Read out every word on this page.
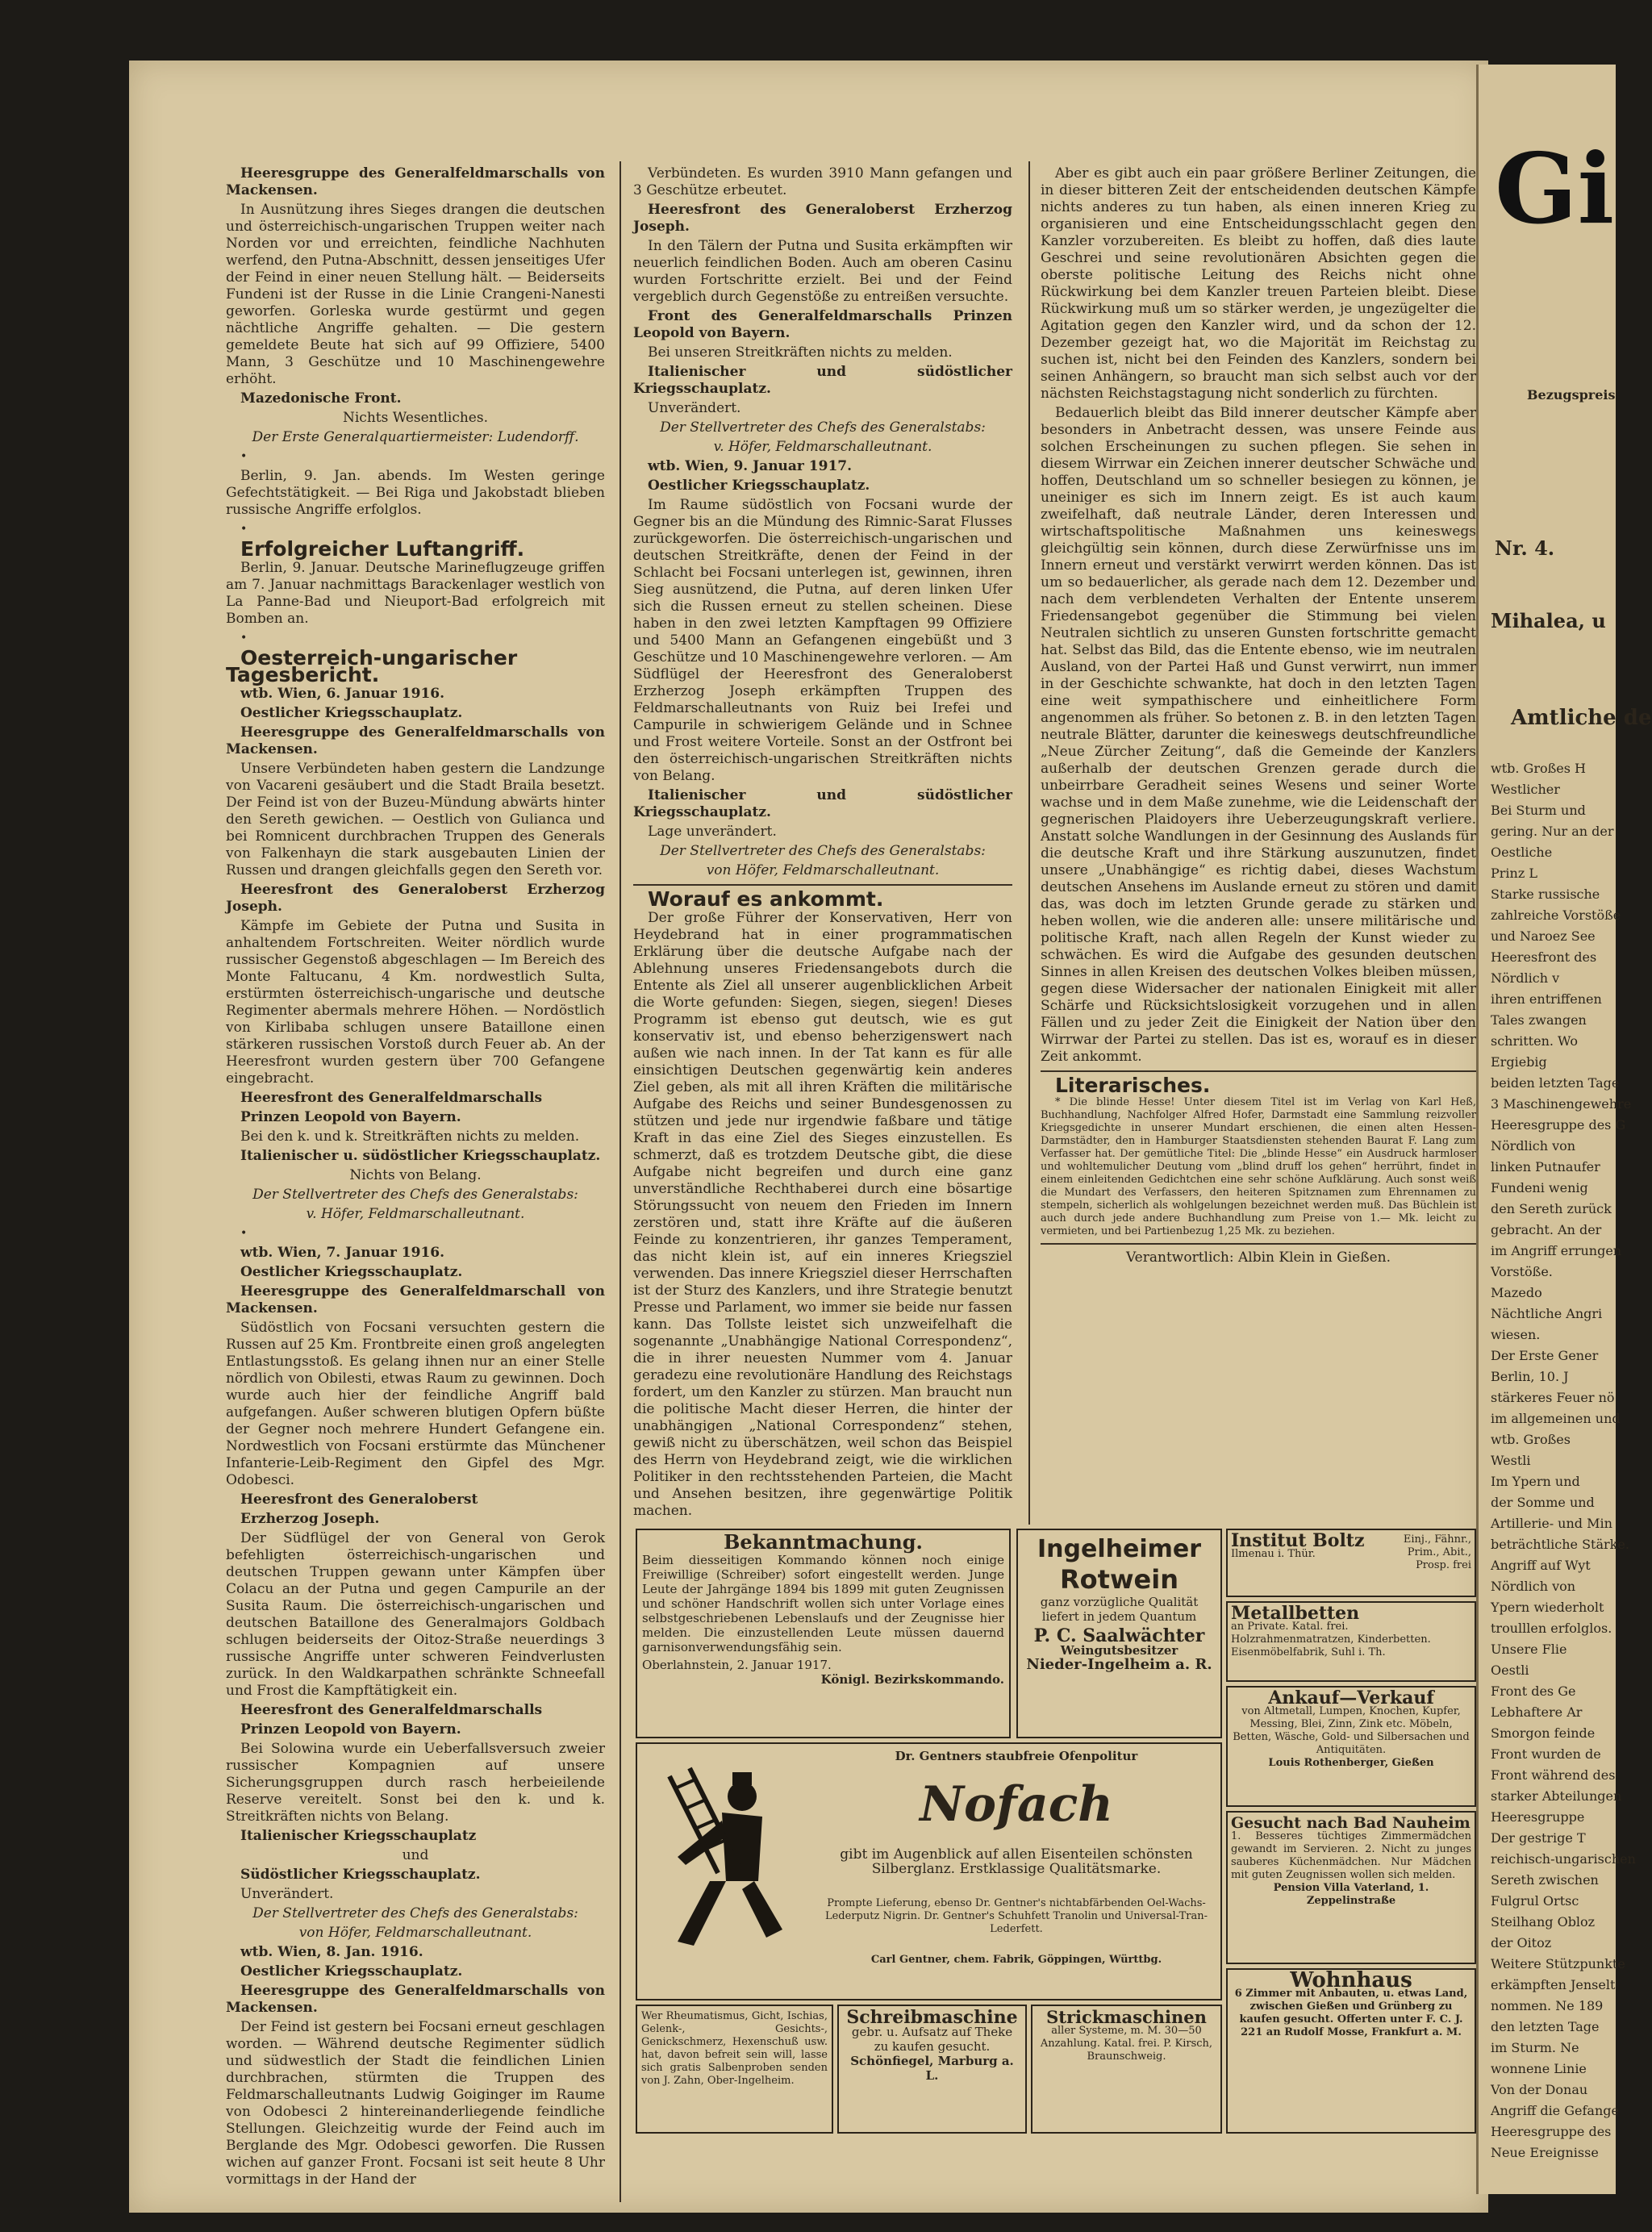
Heeresgruppe des Generalfeldmarschalls von Mackensen.

In Ausnützung ihres Sieges drangen die deutschen und österreichisch-ungarischen Truppen weiter nach Norden vor und erreichten, feindliche Nachhuten werfend, den Putna-Abschnitt, dessen jenseitiges Ufer der Feind in einer neuen Stellung hält. — Beiderseits Fundeni ist der Russe in die Linie Crangeni-Nanesti geworfen. Gorleska wurde gestürmt und gegen nächtliche Angriffe gehalten. — Die gestern gemeldete Beute hat sich auf 99 Offiziere, 5400 Mann, 3 Geschütze und 10 Maschinengewehre erhöht.

Mazedonische Front.

Nichts Wesentliches.

Der Erste Generalquartiermeister: Ludendorff.

•

Berlin, 9. Jan. abends. Im Westen geringe Gefechtstätigkeit. — Bei Riga und Jakobstadt blieben russische Angriffe erfolglos.

•

Erfolgreicher Luftangriff.

Berlin, 9. Januar. Deutsche Marineflugzeuge griffen am 7. Januar nachmittags Barackenlager westlich von La Panne-Bad und Nieuport-Bad erfolgreich mit Bomben an.

•

Oesterreich-ungarischer Tagesbericht.

wtb. Wien, 6. Januar 1916.

Oestlicher Kriegsschauplatz.

Heeresgruppe des Generalfeldmarschalls von Mackensen.

Unsere Verbündeten haben gestern die Landzunge von Vacareni gesäubert und die Stadt Braila besetzt. Der Feind ist von der Buzeu-Mündung abwärts hinter den Sereth gewichen. — Oestlich von Gulianca und bei Romnicent durchbrachen Truppen des Generals von Falkenhayn die stark ausgebauten Linien der Russen und drangen gleichfalls gegen den Sereth vor.

Heeresfront des Generaloberst Erzherzog Joseph.

Kämpfe im Gebiete der Putna und Susita in anhaltendem Fortschreiten. Weiter nördlich wurde russischer Gegenstoß abgeschlagen — Im Bereich des Monte Faltucanu, 4 Km. nordwestlich Sulta, erstürmten österreichisch-ungarische und deutsche Regimenter abermals mehrere Höhen. — Nordöstlich von Kirlibaba schlugen unsere Bataillone einen stärkeren russischen Vorstoß durch Feuer ab. An der Heeresfront wurden gestern über 700 Gefangene eingebracht.

Heeresfront des Generalfeldmarschalls

Prinzen Leopold von Bayern.

Bei den k. und k. Streitkräften nichts zu melden.

Italienischer u. südöstlicher Kriegsschauplatz.

Nichts von Belang.

Der Stellvertreter des Chefs des Generalstabs:

v. Höfer, Feldmarschalleutnant.

•

wtb. Wien, 7. Januar 1916.

Oestlicher Kriegsschauplatz.

Heeresgruppe des Generalfeldmarschall von Mackensen.

Südöstlich von Focsani versuchten gestern die Russen auf 25 Km. Frontbreite einen groß angelegten Entlastungsstoß. Es gelang ihnen nur an einer Stelle nördlich von Obilesti, etwas Raum zu gewinnen. Doch wurde auch hier der feindliche Angriff bald aufgefangen. Außer schweren blutigen Opfern büßte der Gegner noch mehrere Hundert Gefangene ein. Nordwestlich von Focsani erstürmte das Münchener Infanterie-Leib-Regiment den Gipfel des Mgr. Odobesci.

Heeresfront des Generaloberst

Erzherzog Joseph.

Der Südflügel der von General von Gerok befehligten österreichisch-ungarischen und deutschen Truppen gewann unter Kämpfen über Colacu an der Putna und gegen Campurile an der Susita Raum. Die österreichisch-ungarischen und deutschen Bataillone des Generalmajors Goldbach schlugen beiderseits der Oitoz-Straße neuerdings 3 russische Angriffe unter schweren Feindverlusten zurück. In den Waldkarpathen schränkte Schneefall und Frost die Kampftätigkeit ein.

Heeresfront des Generalfeldmarschalls

Prinzen Leopold von Bayern.

Bei Solowina wurde ein Ueberfallsversuch zweier russischer Kompagnien auf unsere Sicherungsgruppen durch rasch herbeieilende Reserve vereitelt. Sonst bei den k. und k. Streitkräften nichts von Belang.

Italienischer Kriegsschauplatz

und

Südöstlicher Kriegsschauplatz.

Unverändert.

Der Stellvertreter des Chefs des Generalstabs:

von Höfer, Feldmarschalleutnant.

wtb. Wien, 8. Jan. 1916.

Oestlicher Kriegsschauplatz.

Heeresgruppe des Generalfeldmarschalls von Mackensen.

Der Feind ist gestern bei Focsani erneut geschlagen worden. — Während deutsche Regimenter südlich und südwestlich der Stadt die feindlichen Linien durchbrachen, stürmten die Truppen des Feldmarschalleutnants Ludwig Goiginger im Raume von Odobesci 2 hintereinanderliegende feindliche Stellungen. Gleichzeitig wurde der Feind auch im Berglande des Mgr. Odobesci geworfen. Die Russen wichen auf ganzer Front. Focsani ist seit heute 8 Uhr vormittags in der Hand der

Verbündeten. Es wurden 3910 Mann gefangen und 3 Geschütze erbeutet.

Heeresfront des Generaloberst Erzherzog Joseph.

In den Tälern der Putna und Susita erkämpften wir neuerlich feindlichen Boden. Auch am oberen Casinu wurden Fortschritte erzielt. Bei und der Feind vergeblich durch Gegenstöße zu entreißen versuchte.

Front des Generalfeldmarschalls Prinzen Leopold von Bayern.

Bei unseren Streitkräften nichts zu melden.

Italienischer und südöstlicher Kriegsschauplatz.

Unverändert.

Der Stellvertreter des Chefs des Generalstabs:

v. Höfer, Feldmarschalleutnant.

wtb. Wien, 9. Januar 1917.

Oestlicher Kriegsschauplatz.

Im Raume südöstlich von Focsani wurde der Gegner bis an die Mündung des Rimnic-Sarat Flusses zurückgeworfen. Die österreichisch-ungarischen und deutschen Streitkräfte, denen der Feind in der Schlacht bei Focsani unterlegen ist, gewinnen, ihren Sieg ausnützend, die Putna, auf deren linken Ufer sich die Russen erneut zu stellen scheinen. Diese haben in den zwei letzten Kampftagen 99 Offiziere und 5400 Mann an Gefangenen eingebüßt und 3 Geschütze und 10 Maschinengewehre verloren. — Am Südflügel der Heeresfront des Generaloberst Erzherzog Joseph erkämpften Truppen des Feldmarschalleutnants von Ruiz bei Irefei und Campurile in schwierigem Gelände und in Schnee und Frost weitere Vorteile. Sonst an der Ostfront bei den österreichisch-ungarischen Streitkräften nichts von Belang.

Italienischer und südöstlicher Kriegsschauplatz.

Lage unverändert.

Der Stellvertreter des Chefs des Generalstabs:

von Höfer, Feldmarschalleutnant.

Worauf es ankommt.

Der große Führer der Konservativen, Herr von Heydebrand hat in einer programmatischen Erklärung über die deutsche Aufgabe nach der Ablehnung unseres Friedensangebots durch die Entente als Ziel all unserer augenblicklichen Arbeit die Worte gefunden: Siegen, siegen, siegen! Dieses Programm ist ebenso gut deutsch, wie es gut konservativ ist, und ebenso beherzigenswert nach außen wie nach innen. In der Tat kann es für alle einsichtigen Deutschen gegenwärtig kein anderes Ziel geben, als mit all ihren Kräften die militärische Aufgabe des Reichs und seiner Bundesgenossen zu stützen und jede nur irgendwie faßbare und tätige Kraft in das eine Ziel des Sieges einzustellen. Es schmerzt, daß es trotzdem Deutsche gibt, die diese Aufgabe nicht begreifen und durch eine ganz unverständliche Rechthaberei durch eine bösartige Störungssucht von neuem den Frieden im Innern zerstören und, statt ihre Kräfte auf die äußeren Feinde zu konzentrieren, ihr ganzes Temperament, das nicht klein ist, auf ein inneres Kriegsziel verwenden. Das innere Kriegsziel dieser Herrschaften ist der Sturz des Kanzlers, und ihre Strategie benutzt Presse und Parlament, wo immer sie beide nur fassen kann. Das Tollste leistet sich unzweifelhaft die sogenannte „Unabhängige National Correspondenz“, die in ihrer neuesten Nummer vom 4. Januar geradezu eine revolutionäre Handlung des Reichstags fordert, um den Kanzler zu stürzen. Man braucht nun die politische Macht dieser Herren, die hinter der unabhängigen „National Correspondenz“ stehen, gewiß nicht zu überschätzen, weil schon das Beispiel des Herrn von Heydebrand zeigt, wie die wirklichen Politiker in den rechtsstehenden Parteien, die Macht und Ansehen besitzen, ihre gegenwärtige Politik machen.

Aber es gibt auch ein paar größere Berliner Zeitungen, die in dieser bitteren Zeit der entscheidenden deutschen Kämpfe nichts anderes zu tun haben, als einen inneren Krieg zu organisieren und eine Entscheidungsschlacht gegen den Kanzler vorzubereiten. Es bleibt zu hoffen, daß dies laute Geschrei und seine revolutionären Absichten gegen die oberste politische Leitung des Reichs nicht ohne Rückwirkung bei dem Kanzler treuen Parteien bleibt. Diese Rückwirkung muß um so stärker werden, je ungezügelter die Agitation gegen den Kanzler wird, und da schon der 12. Dezember gezeigt hat, wo die Majorität im Reichstag zu suchen ist, nicht bei den Feinden des Kanzlers, sondern bei seinen Anhängern, so braucht man sich selbst auch vor der nächsten Reichstagstagung nicht sonderlich zu fürchten.

Bedauerlich bleibt das Bild innerer deutscher Kämpfe aber besonders in Anbetracht dessen, was unsere Feinde aus solchen Erscheinungen zu suchen pflegen. Sie sehen in diesem Wirrwar ein Zeichen innerer deutscher Schwäche und hoffen, Deutschland um so schneller besiegen zu können, je uneiniger es sich im Innern zeigt. Es ist auch kaum zweifelhaft, daß neutrale Länder, deren Interessen und wirtschaftspolitische Maßnahmen uns keineswegs gleichgültig sein können, durch diese Zerwürfnisse uns im Innern erneut und verstärkt verwirrt werden können. Das ist um so bedauerlicher, als gerade nach dem 12. Dezember und nach dem verblendeten Verhalten der Entente unserem Friedensangebot gegenüber die Stimmung bei vielen Neutralen sichtlich zu unseren Gunsten fortschritte gemacht hat. Selbst das Bild, das die Entente ebenso, wie im neutralen Ausland, von der Partei Haß und Gunst verwirrt, nun immer in der Geschichte schwankte, hat doch in den letzten Tagen eine weit sympathischere und einheitlichere Form angenommen als früher. So betonen z. B. in den letzten Tagen neutrale Blätter, darunter die keineswegs deutschfreundliche „Neue Zürcher Zeitung“, daß die Gemeinde der Kanzlers außerhalb der deutschen Grenzen gerade durch die unbeirrbare Geradheit seines Wesens und seiner Worte wachse und in dem Maße zunehme, wie die Leidenschaft der gegnerischen Plaidoyers ihre Ueberzeugungskraft verliere. Anstatt solche Wandlungen in der Gesinnung des Auslands für die deutsche Kraft und ihre Stärkung auszunutzen, findet unsere „Unabhängige“ es richtig dabei, dieses Wachstum deutschen Ansehens im Auslande erneut zu stören und damit das, was doch im letzten Grunde gerade zu stärken und heben wollen, wie die anderen alle: unsere militärische und politische Kraft, nach allen Regeln der Kunst wieder zu schwächen. Es wird die Aufgabe des gesunden deutschen Sinnes in allen Kreisen des deutschen Volkes bleiben müssen, gegen diese Widersacher der nationalen Einigkeit mit aller Schärfe und Rücksichtslosigkeit vorzugehen und in allen Fällen und zu jeder Zeit die Einigkeit der Nation über den Wirrwar der Partei zu stellen. Das ist es, worauf es in dieser Zeit ankommt.

Literarisches.

* Die blinde Hesse! Unter diesem Titel ist im Verlag von Karl Heß, Buchhandlung, Nachfolger Alfred Hofer, Darmstadt eine Sammlung reizvoller Kriegsgedichte in unserer Mundart erschienen, die einen alten Hessen-Darmstädter, den in Hamburger Staatsdiensten stehenden Baurat F. Lang zum Verfasser hat. Der gemütliche Titel: Die „blinde Hesse“ ein Ausdruck harmloser und wohltemulicher Deutung vom „blind druff los gehen“ herrührt, findet in einem einleitenden Gedichtchen eine sehr schöne Aufklärung. Auch sonst weiß die Mundart des Verfassers, den heiteren Spitznamen zum Ehrennamen zu stempeln, sicherlich als wohlgelungen bezeichnet werden muß. Das Büchlein ist auch durch jede andere Buchhandlung zum Preise von 1.— Mk. leicht zu vermieten, und bei Partienbezug 1,25 Mk. zu beziehen.

Verantwortlich: Albin Klein in Gießen.

Bekanntmachung.
Beim diesseitigen Kommando können noch einige Freiwillige (Schreiber) sofort eingestellt werden. Junge Leute der Jahrgänge 1894 bis 1899 mit guten Zeugnissen und schöner Handschrift wollen sich unter Vorlage eines selbstgeschriebenen Lebenslaufs und der Zeugnisse hier melden. Die einzustellenden Leute müssen dauernd garnisonverwendungsfähig sein.
Oberlahnstein, 2. Januar 1917.
Königl. Bezirkskommando.
Ingelheimer
Rotwein
ganz vorzügliche Qualität liefert in jedem Quantum
P. C. Saalwächter
Weingutsbesitzer
Nieder-Ingelheim a. R.
Dr. Gentners staubfreie Ofenpolitur
Nofach
gibt im Augenblick auf allen Eisenteilen schönsten Silberglanz. Erstklassige Qualitätsmarke.
Prompte Lieferung, ebenso Dr. Gentner's nichtabfärbenden Oel-Wachs-Lederputz Nigrin. Dr. Gentner's Schuhfett Tranolin und Universal-Tran-Lederfett.
Carl Gentner, chem. Fabrik, Göppingen, Württbg.
Wer Rheumatismus, Gicht, Ischias, Gelenk-, Gesichts-, Genickschmerz, Hexenschuß usw. hat, davon befreit sein will, lasse sich gratis Salbenproben senden von J. Zahn, Ober-Ingelheim.
Schreibmaschine
gebr. u. Aufsatz auf Theke zu kaufen gesucht.
Schönfiegel, Marburg a. L.
Strickmaschinen
aller Systeme, m. M. 30—50 Anzahlung. Katal. frei. P. Kirsch, Braunschweig.
Institut Boltz
Ilmenau i. Thür.
Einj., Fähnr., Prim., Abit., Prosp. frei
Metallbetten
an Private. Katal. frei. Holzrahmenmatratzen, Kinderbetten. Eisenmöbelfabrik, Suhl i. Th.
Ankauf—Verkauf
von Altmetall, Lumpen, Knochen, Kupfer, Messing, Blei, Zinn, Zink etc. Möbeln, Betten, Wäsche, Gold- und Silbersachen und Antiquitäten.
Louis Rothenberger, Gießen
Gesucht nach Bad Nauheim
1. Besseres tüchtiges Zimmermädchen gewandt im Servieren. 2. Nicht zu junges sauberes Küchenmädchen. Nur Mädchen mit guten Zeugnissen wollen sich melden.
Pension Villa Vaterland, 1. Zeppelinstraße
Wohnhaus
6 Zimmer mit Anbauten, u. etwas Land, zwischen Gießen und Grünberg zu kaufen gesucht. Offerten unter F. C. J. 221 an Rudolf Mosse, Frankfurt a. M.
Gi
Bezugspreis
Nr. 4.
Mihalea, u
Amtliche de
wtb. Großes H
Westlicher
Bei Sturm und
gering. Nur an der
Oestliche
Prinz L
Starke russische
zahlreiche Vorstöße
und Naroez See
Heeresfront des
Nördlich v
ihren entriffenen
Tales zwangen
schritten. Wo
Ergiebig
beiden letzten Tage
3 Maschinengewehre
Heeresgruppe des G
Nördlich von
linken Putnaufer
Fundeni wenig
den Sereth zurück
gebracht. An der
im Angriff errungen
Vorstöße.
Mazedo
Nächtliche Angri
wiesen.
Der Erste Gener
Berlin, 10. J
stärkeres Feuer nö
im allgemeinen und
wtb. Großes
Westli
Im Ypern und
der Somme und
Artillerie- und Min
beträchtliche Stärke.
Angriff auf Wyt
Nördlich von
Ypern wiederholt
troulllen erfolglos.
Unsere Flie
Oestli
Front des Ge
Lebhaftere Ar
Smorgon feinde
Front wurden de
Front während des
starker Abteilungen
Heeresgruppe
Der gestrige T
reichisch-ungarischen
Sereth zwischen
Fulgrul Ortsc
Steilhang Obloz
der Oitoz
Weitere Stützpunkte
erkämpften Jenselt
nommen. Ne 189
den letzten Tage
im Sturm. Ne
wonnene Linie
Von der Donau
Angriff die Gefange
Heeresgruppe des
Neue Ereignisse
